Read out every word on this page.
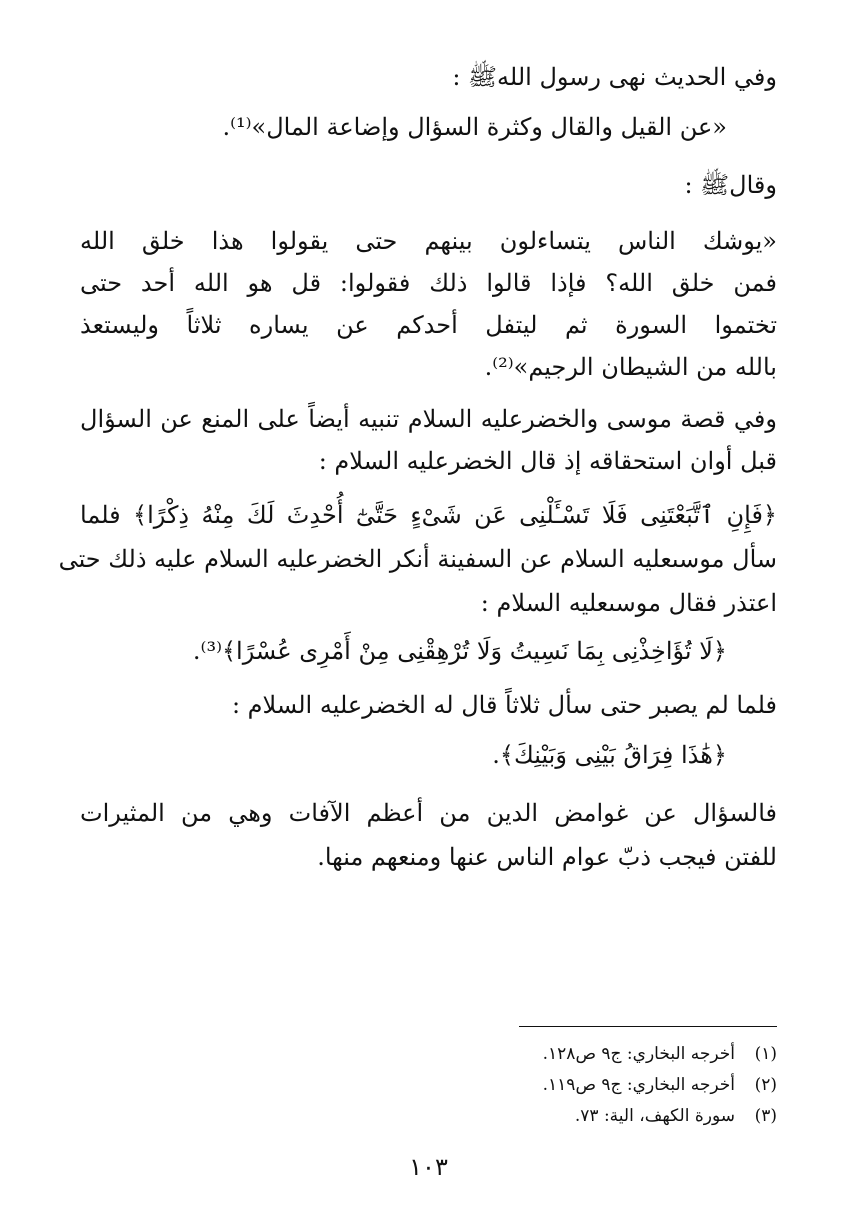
وفي الحديث نهى رسول اللهﷺ :
«عن القيل والقال وكثرة السؤال وإضاعة المال»⁽¹⁾.
وقالﷺ :
«يوشك الناس يتساءلون بينهم حتى يقولوا هذا خلق الله
فمن خلق الله؟ فإذا قالوا ذلك فقولوا: قل هو الله أحد حتى
تختموا السورة ثم ليتفل أحدكم عن يساره ثلاثاً وليستعذ
بالله من الشيطان الرجيم»⁽²⁾.
وفي قصة موسى والخضرعليه السلام تنبيه أيضاً على المنع عن السؤال
قبل أوان استحقاقه إذ قال الخضرعليه السلام :
﴿فَإِنِ ٱتَّبَعْتَنِى فَلَا تَسْـَٔلْنِى عَن شَىْءٍ حَتَّىٰٓ أُحْدِثَ لَكَ مِنْهُ ذِكْرًا﴾ فلما
سأل موسىعليه السلام عن السفينة أنكر الخضرعليه السلام عليه ذلك حتى
اعتذر فقال موسىعليه السلام :
﴿لَا تُؤَاخِذْنِى بِمَا نَسِيتُ وَلَا تُرْهِقْنِى مِنْ أَمْرِى عُسْرًا﴾⁽³⁾.
فلما لم يصبر حتى سأل ثلاثاً قال له الخضرعليه السلام :
﴿هَٰذَا فِرَاقُ بَيْنِى وَبَيْنِكَ﴾.
فالسؤال عن غوامض الدين من أعظم الآفات وهي من المثيرات
للفتن فيجب ذبّ عوام الناس عنها ومنعهم منها.
(١)أخرجه البخاري: ج٩ ص١٢٨.
(٢)أخرجه البخاري: ج٩ ص١١٩.
(٣)سورة الكهف، الية: ٧٣.
١٠٣
